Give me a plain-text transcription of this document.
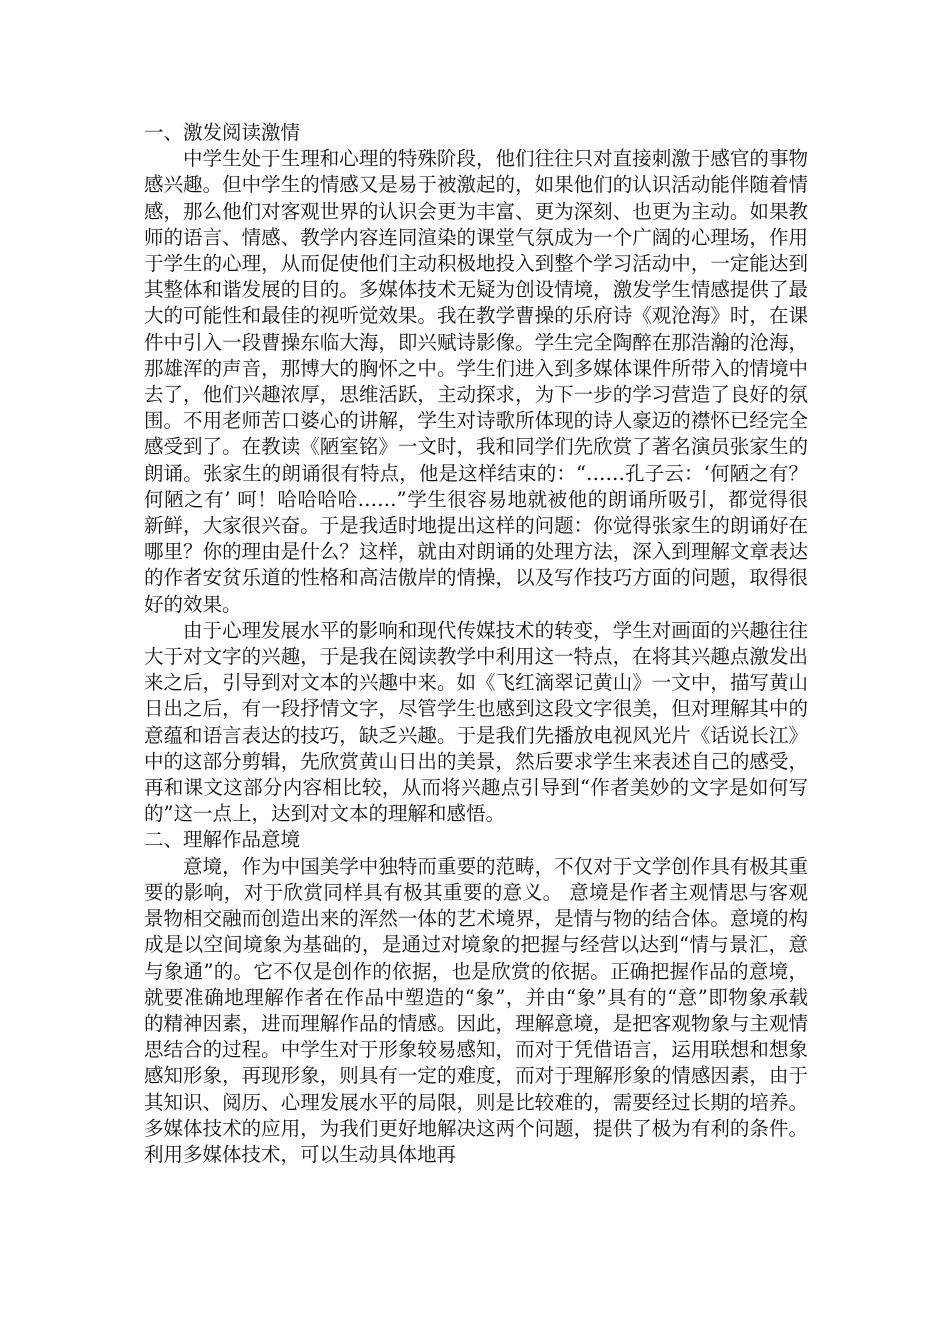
一、激发阅读激情

中学生处于生理和心理的特殊阶段，他们往往只对直接刺激于感官的事物感兴趣。但中学生的情感又是易于被激起的，如果他们的认识活动能伴随着情感，那么他们对客观世界的认识会更为丰富、更为深刻、也更为主动。如果教师的语言、情感、教学内容连同渲染的课堂气氛成为一个广阔的心理场，作用于学生的心理，从而促使他们主动积极地投入到整个学习活动中，一定能达到其整体和谐发展的目的。多媒体技术无疑为创设情境，激发学生情感提供了最大的可能性和最佳的视听觉效果。我在教学曹操的乐府诗《观沧海》时，在课件中引入一段曹操东临大海，即兴赋诗影像。学生完全陶醉在那浩瀚的沧海，那雄浑的声音，那博大的胸怀之中。学生们进入到多媒体课件所带入的情境中去了，他们兴趣浓厚，思维活跃，主动探求，为下一步的学习营造了良好的氛围。不用老师苦口婆心的讲解，学生对诗歌所体现的诗人豪迈的襟怀已经完全感受到了。在教读《陋室铭》一文时，我和同学们先欣赏了著名演员张家生的朗诵。张家生的朗诵很有特点，他是这样结束的：“……孔子云：‘何陋之有？何陋之有’ 呵！哈哈哈哈……”学生很容易地就被他的朗诵所吸引，都觉得很新鲜，大家很兴奋。于是我适时地提出这样的问题：你觉得张家生的朗诵好在哪里？你的理由是什么？这样，就由对朗诵的处理方法，深入到理解文章表达的作者安贫乐道的性格和高洁傲岸的情操，以及写作技巧方面的问题，取得很好的效果。

由于心理发展水平的影响和现代传媒技术的转变，学生对画面的兴趣往往大于对文字的兴趣，于是我在阅读教学中利用这一特点，在将其兴趣点激发出来之后，引导到对文本的兴趣中来。如《飞红滴翠记黄山》一文中，描写黄山日出之后，有一段抒情文字，尽管学生也感到这段文字很美，但对理解其中的意蕴和语言表达的技巧，缺乏兴趣。于是我们先播放电视风光片《话说长江》中的这部分剪辑，先欣赏黄山日出的美景，然后要求学生来表述自己的感受，再和课文这部分内容相比较，从而将兴趣点引导到“作者美妙的文字是如何写的”这一点上，达到对文本的理解和感悟。

二、理解作品意境

意境，作为中国美学中独特而重要的范畴，不仅对于文学创作具有极其重要的影响，对于欣赏同样具有极其重要的意义。 意境是作者主观情思与客观景物相交融而创造出来的浑然一体的艺术境界，是情与物的结合体。意境的构成是以空间境象为基础的，是通过对境象的把握与经营以达到“情与景汇，意与象通”的。它不仅是创作的依据，也是欣赏的依据。正确把握作品的意境，就要准确地理解作者在作品中塑造的“象”，并由“象”具有的“意”即物象承载的精神因素，进而理解作品的情感。因此，理解意境，是把客观物象与主观情思结合的过程。中学生对于形象较易感知，而对于凭借语言，运用联想和想象感知形象，再现形象，则具有一定的难度，而对于理解形象的情感因素，由于其知识、阅历、心理发展水平的局限，则是比较难的，需要经过长期的培养。多媒体技术的应用，为我们更好地解决这两个问题，提供了极为有利的条件。利用多媒体技术，可以生动具体地再
